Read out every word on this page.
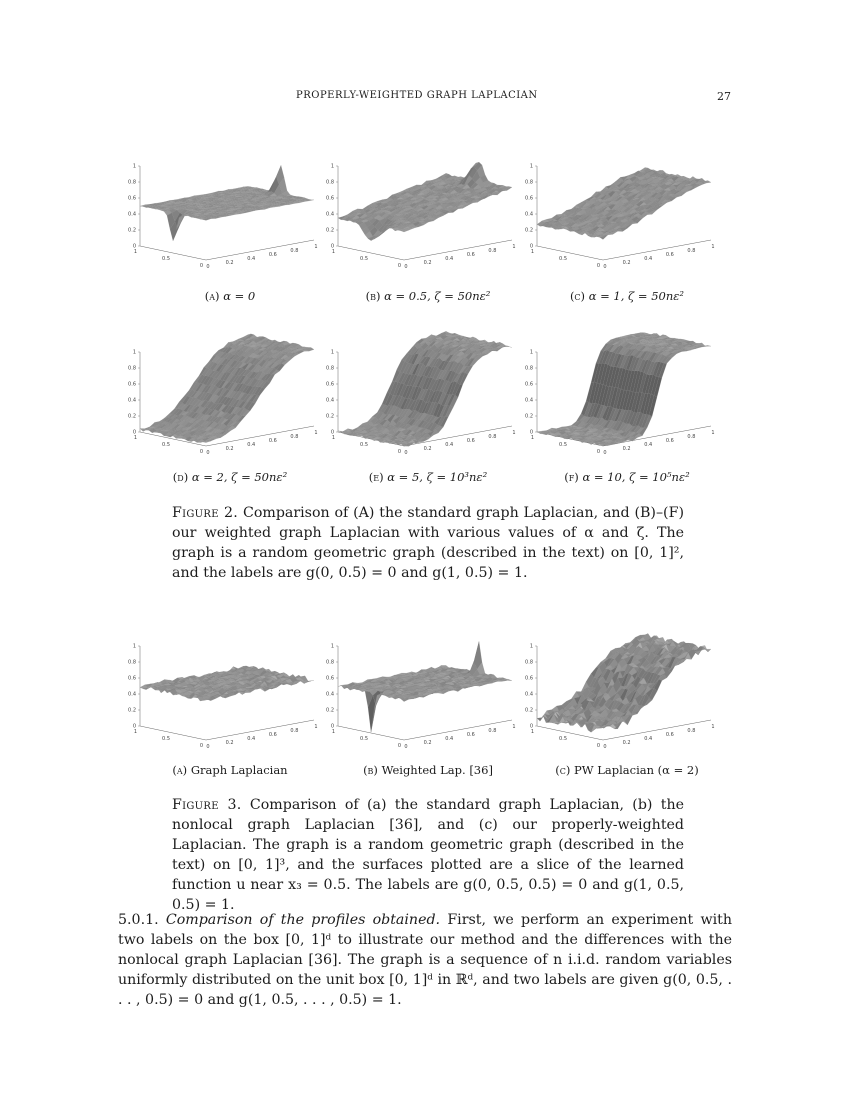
PROPERLY-WEIGHTED GRAPH LAPLACIAN	27
1
0.8
0.6
0.4
0.2
0
1
0.5
0 0
0.2
0.4
0.6
0.8
1
1
0.8
0.6
0.4
0.2
0
1
0.5
0 0
0.2
0.4
0.6
0.8
1
1
0.8
0.6
0.4
0.2
0
1
0.5
0 0
0.2
0.4
0.6
0.8
1
(a) α = 0	(b) α = 0.5, ζ = 50nε²	(c) α = 1, ζ = 50nε²
1
0.8
0.6
0.4
0.2
0
1
0.5
0 0
0.2
0.4
0.6
0.8
1
1
0.8
0.6
0.4
0.2
0
1
0.5
0 0
0.2
0.4
0.6
0.8
1
1
0.8
0.6
0.4
0.2
0
1
0.5
0 0
0.2
0.4
0.6
0.8
1
(d) α = 2, ζ = 50nε²	(e) α = 5, ζ = 10³nε²	(f) α = 10, ζ = 10⁵nε²
Figure 2. Comparison of (A) the standard graph Laplacian, and (B)–(F) our weighted graph Laplacian with various values of α and ζ. The graph is a random geometric graph (described in the text) on [0, 1]², and the labels are g(0, 0.5) = 0 and g(1, 0.5) = 1.
1
0.8
0.6
0.4
0.2
0
1
0.5
0 0
0.2
0.4
0.6
0.8
1
1
0.8
0.6
0.4
0.2
0
1
0.5
0 0
0.2
0.4
0.6
0.8
1
1
0.8
0.6
0.4
0.2
0
1
0.5
0 0
0.2
0.4
0.6
0.8
1
(a) Graph Laplacian	(b) Weighted Lap. [36]	(c) PW Laplacian (α = 2)
Figure 3. Comparison of (a) the standard graph Laplacian, (b) the nonlocal graph Laplacian [36], and (c) our properly-weighted Laplacian. The graph is a random geometric graph (described in the text) on [0, 1]³, and the surfaces plotted are a slice of the learned function u near x₃ = 0.5. The labels are g(0, 0.5, 0.5) = 0 and g(1, 0.5, 0.5) = 1.
5.0.1. Comparison of the profiles obtained. First, we perform an experiment with two labels on the box [0, 1]ᵈ to illustrate our method and the differences with the nonlocal graph Laplacian [36]. The graph is a sequence of n i.i.d. random variables uniformly distributed on the unit box [0, 1]ᵈ in ℝᵈ, and two labels are given g(0, 0.5, . . . , 0.5) = 0 and g(1, 0.5, . . . , 0.5) = 1.
